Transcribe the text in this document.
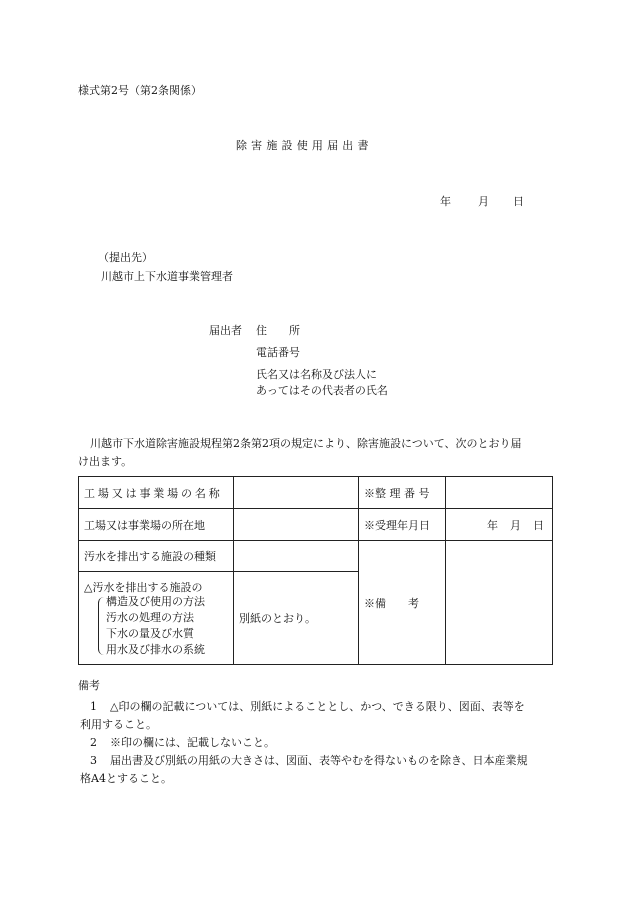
様式第2号（第2条関係）
除害施設使用届出書
年 月 日
（提出先）
川越市上下水道事業管理者
届出者 住　　所
電話番号
氏名又は名称及び法人に
あってはその代表者の氏名
川越市下水道除害施設規程第2条第2項の規定により、除害施設について、次のとおり届
け出ます。
工場又は事業場の名称		※整 理 番 号	
工場又は事業場の所在地		※受理年月日	年 月 日
汚水を排出する施設の種類		※備　　考	

△汚水を排出する施設の
構造及び使用の方法
汚水の処理の方法
下水の量及び水質
用水及び排水の系統	別紙のとおり。		
備考
1 △印の欄の記載については、別紙によることとし、かつ、できる限り、図面、表等を
利用すること。
2 ※印の欄には、記載しないこと。
3 届出書及び別紙の用紙の大きさは、図面、表等やむを得ないものを除き、日本産業規
格A4とすること。
